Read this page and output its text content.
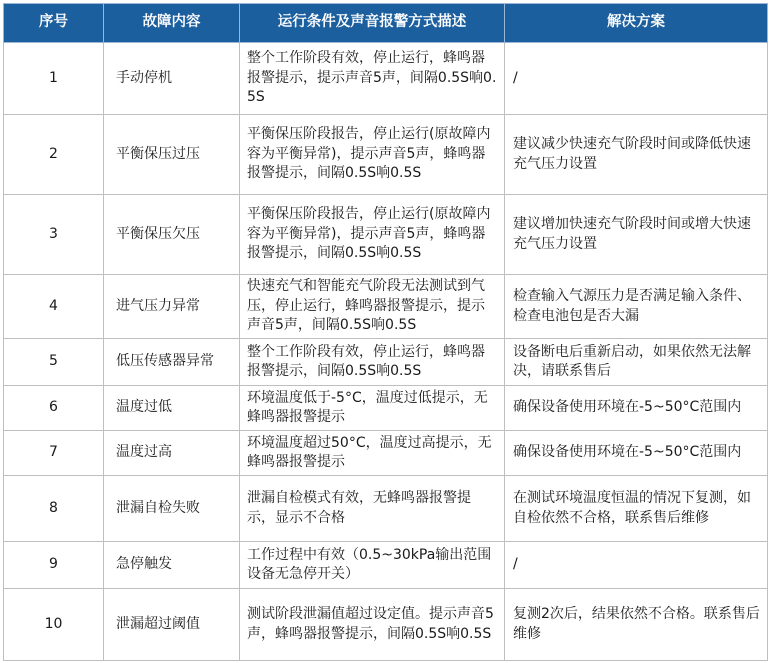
序号	故障内容	运行条件及声音报警方式描述	解决方案
1	手动停机	整个工作阶段有效，停止运行，蜂鸣器报警提示，提示声音5声，间隔0.5S响0.5S	/
2	平衡保压过压	平衡保压阶段报告，停止运行(原故障内容为平衡异常)，提示声音5声，蜂鸣器报警提示，间隔0.5S响0.5S	建议减少快速充气阶段时间或降低快速充气压力设置
3	平衡保压欠压	平衡保压阶段报告，停止运行(原故障内容为平衡异常)，提示声音5声，蜂鸣器报警提示，间隔0.5S响0.5S	建议增加快速充气阶段时间或增大快速充气压力设置
4	进气压力异常	快速充气和智能充气阶段无法测试到气压，停止运行，蜂鸣器报警提示，提示声音5声，间隔0.5S响0.5S	检查输入气源压力是否满足输入条件、检查电池包是否大漏
5	低压传感器异常	整个工作阶段有效，停止运行，蜂鸣器报警提示，间隔0.5S响0.5S	设备断电后重新启动，如果依然无法解决，请联系售后
6	温度过低	环境温度低于-5°C，温度过低提示，无蜂鸣器报警提示	确保设备使用环境在-5~50°C范围内
7	温度过高	环境温度超过50°C，温度过高提示，无蜂鸣器报警提示	确保设备使用环境在-5~50°C范围内
8	泄漏自检失败	泄漏自检模式有效，无蜂鸣器报警提示，显示不合格	在测试环境温度恒温的情况下复测，如自检依然不合格，联系售后维修
9	急停触发	工作过程中有效（0.5~30kPa输出范围设备无急停开关）	/
10	泄漏超过阈值	测试阶段泄漏值超过设定值。提示声音5声，蜂鸣器报警提示，间隔0.5S响0.5S	复测2次后，结果依然不合格。联系售后维修
